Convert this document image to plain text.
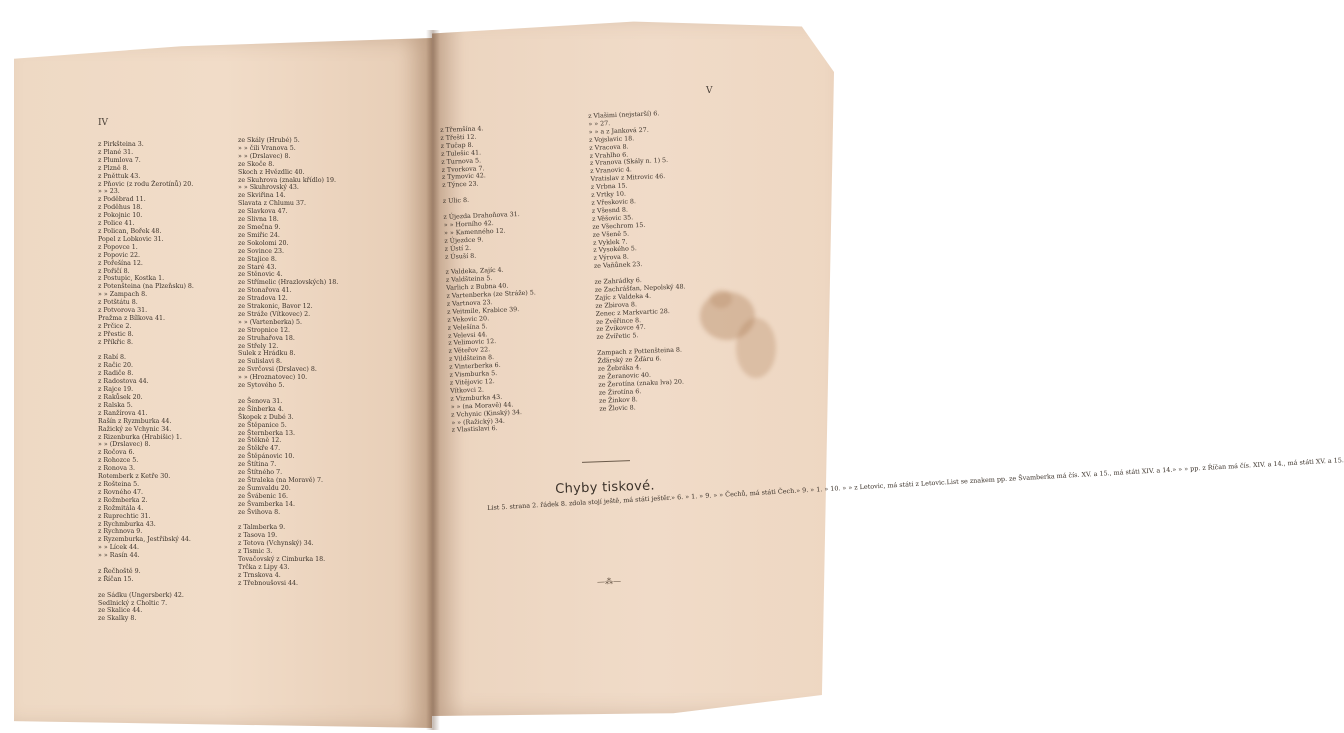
IV
V
z Pirkšteina 3.
z Plané 31.
z Plumlova 7.
z Plzně 8.
z Pněttuk 43.
z Pňovic (z rodu Žerotínů) 20.
» » 23.
z Poděbrad 11.
z Poděhus 18.
z Pokojnic 10.
z Police 41.
z Polican, Bořek 48.
Popel z Lobkovic 31.
z Popovce 1.
z Popovic 22.
z Pořešína 12.
z Pořičí 8.
z Postupic, Kostka 1.
z Potenšteina (na Plzeňsku) 8.
» » Zampach 8.
z Potštátu 8.
z Potvorova 31.
Pražma z Bílkova 41.
z Prčice 2.
z Přestic 8.
z Příkřic 8.

z Rabí 8.
z Račic 20.
z Radiče 8.
z Radostova 44.
z Rajce 19.
z Rakůsek 20.
z Ralska 5.
z Ranžírova 41.
Rašín z Ryzmburka 44.
Ražický ze Vchynic 34.
z Rizenburka (Hrabišic) 1.
» » (Drslavec) 8.
z Ročova 6.
z Rohozce 5.
z Ronova 3.
Rotemberk z Ketře 30.
z Rošteina 5.
z Rovného 47.
z Rožmberka 2.
z Rožmitála 4.
z Ruprechtic 31.
z Rychmburka 43.
z Rychnova 9.
z Ryzemburka, Jestřibský 44.
» » Lícek 44.
» » Rasín 44.

z Řečhoště 9.
z Říčan 15.

ze Sádku (Ungersberk) 42.
Sedlnický z Choltic 7.
ze Skalice 44.
ze Skalky 8.
ze Skály (Hrubé) 5.
» » čili Vranova 5.
» » (Drslavec) 8.
ze Skoče 8.
Skoch z Hvězdlic 40.
ze Skuhrova (znaku křídlo) 19.
» » Skuhrovský 43.
ze Skviřina 14.
Slavata z Chlumu 37.
ze Slavkova 47.
ze Slivna 18.
ze Smečna 9.
ze Smiřic 24.
ze Sokolomi 20.
ze Sovince 23.
ze Stajice 8.
ze Staré 43.
ze Stěnovic 4.
ze Střímelic (Hrazlovských) 18.
ze Stonařova 41.
ze Stradova 12.
ze Strakonic, Bavor 12.
ze Stráže (Vítkovec) 2.
» » (Vartenberka) 5.
ze Stropnice 12.
ze Struhařova 18.
ze Střely 12.
Sulek z Hrádku 8.
ze Sulislavi 8.
ze Svrčovsi (Drslavec) 8.
» » (Hroznatovec) 10.
ze Sytového 5.

ze Šenova 31.
ze Šínberka 4.
Škopek z Dubé 3.
ze Štěpanice 5.
ze Šternberka 13.
ze Štěkně 12.
ze Štěkře 47.
ze Štěpánovic 10.
ze Štítina 7.
ze Štítného 7.
ze Štraleka (na Moravě) 7.
ze Šumvaldu 20.
ze Švábenic 16.
ze Švamberka 14.
ze Švihova 8.

z Talmberka 9.
z Tasova 19.
z Tetova (Vchynský) 34.
z Tismic 3.
Tovačovský z Cimburka 18.
Trčka z Lipy 43.
z Trnskova 4.
z Třebnoušovsi 44.
z Třemšína 4.
z Třešti 12.
z Tučap 8.
z Tulešic 41.
z Turnova 5.
z Tvorkova 7.
z Tymovic 42.
z Týnce 23.

z Ulic 8.

z Újezda Drahoňova 31.
» » Horního 42.
» » Kamenného 12.
z Újezdce 9.
z Ústí 2.
z Úsuší 8.

z Valdeka, Zajíc 4.
z Valdšteina 5.
Varlich z Bubna 40.
z Vartenberka (ze Stráže) 5.
z Vartnova 23.
z Veitmile, Krabice 39.
z Vekovic 20.
z Velešína 5.
z Velevsi 44.
z Velimovic 12.
z Věteřov 22.
z Vildšteina 8.
z Vinterberka 6.
z Vismburka 5.
z Vitějovic 12.
Vítkovci 2.
z Vizmburka 43.
» » (na Moravě) 44.
z Vchynic (Kinský) 34.
» » (Ražický) 34.
z Vlastislavi 6.
z Vlašimi (nejstarší) 6.
» » 27.
» » a z Janková 27.
z Vojslavic 18.
z Vracova 8.
z Vrahlho 6.
z Vranova (Skály n. 1) 5.
z Vranovic 4.
Vratislav z Mitrovic 46.
z Vrbna 15.
z Vrtky 10.
z Vřeskovic 8.
z Všesnd 8.
z Věšovic 35.
ze Všechrom 15.
ze Všeně 5.
z Vyklek 7.
z Vysokého 5.
z Výrova 8.
ze Vaňůnek 23.

ze Zahrádky 6.
ze Zachrášťan, Nepolský 48.
Zajíc z Valdeka 4.
ze Zbirova 8.
Zenec z Markvartic 28.
ze Zvěřince 8.
ze Zvikovce 47.
ze Zvířetic 5.

Zampach z Pottenšteina 8.
Žďárský ze Žďáru 6.
ze Žebráka 4.
ze Žeranovic 40.
ze Žerotína (znaku lva) 20.
ze Žirotína 6.
ze Žinkov 8.
ze Žlovic 8.
Chyby tiskové.
List 5. strana 2. řádek 8. zdola stojí ještě, má státi ještěr.» 6. » 1. » 9. » » Čechů, má státi Čech.» 9. » 1. » 10. » » z Letovic, má státi z Letovic.List se znakem pp. ze Švamberka má čís. XV. a 15., má státi XIV. a 14.» » » pp. z Říčan má čís. XIV. a 14., má státi XV. a 15.
—⁂—
